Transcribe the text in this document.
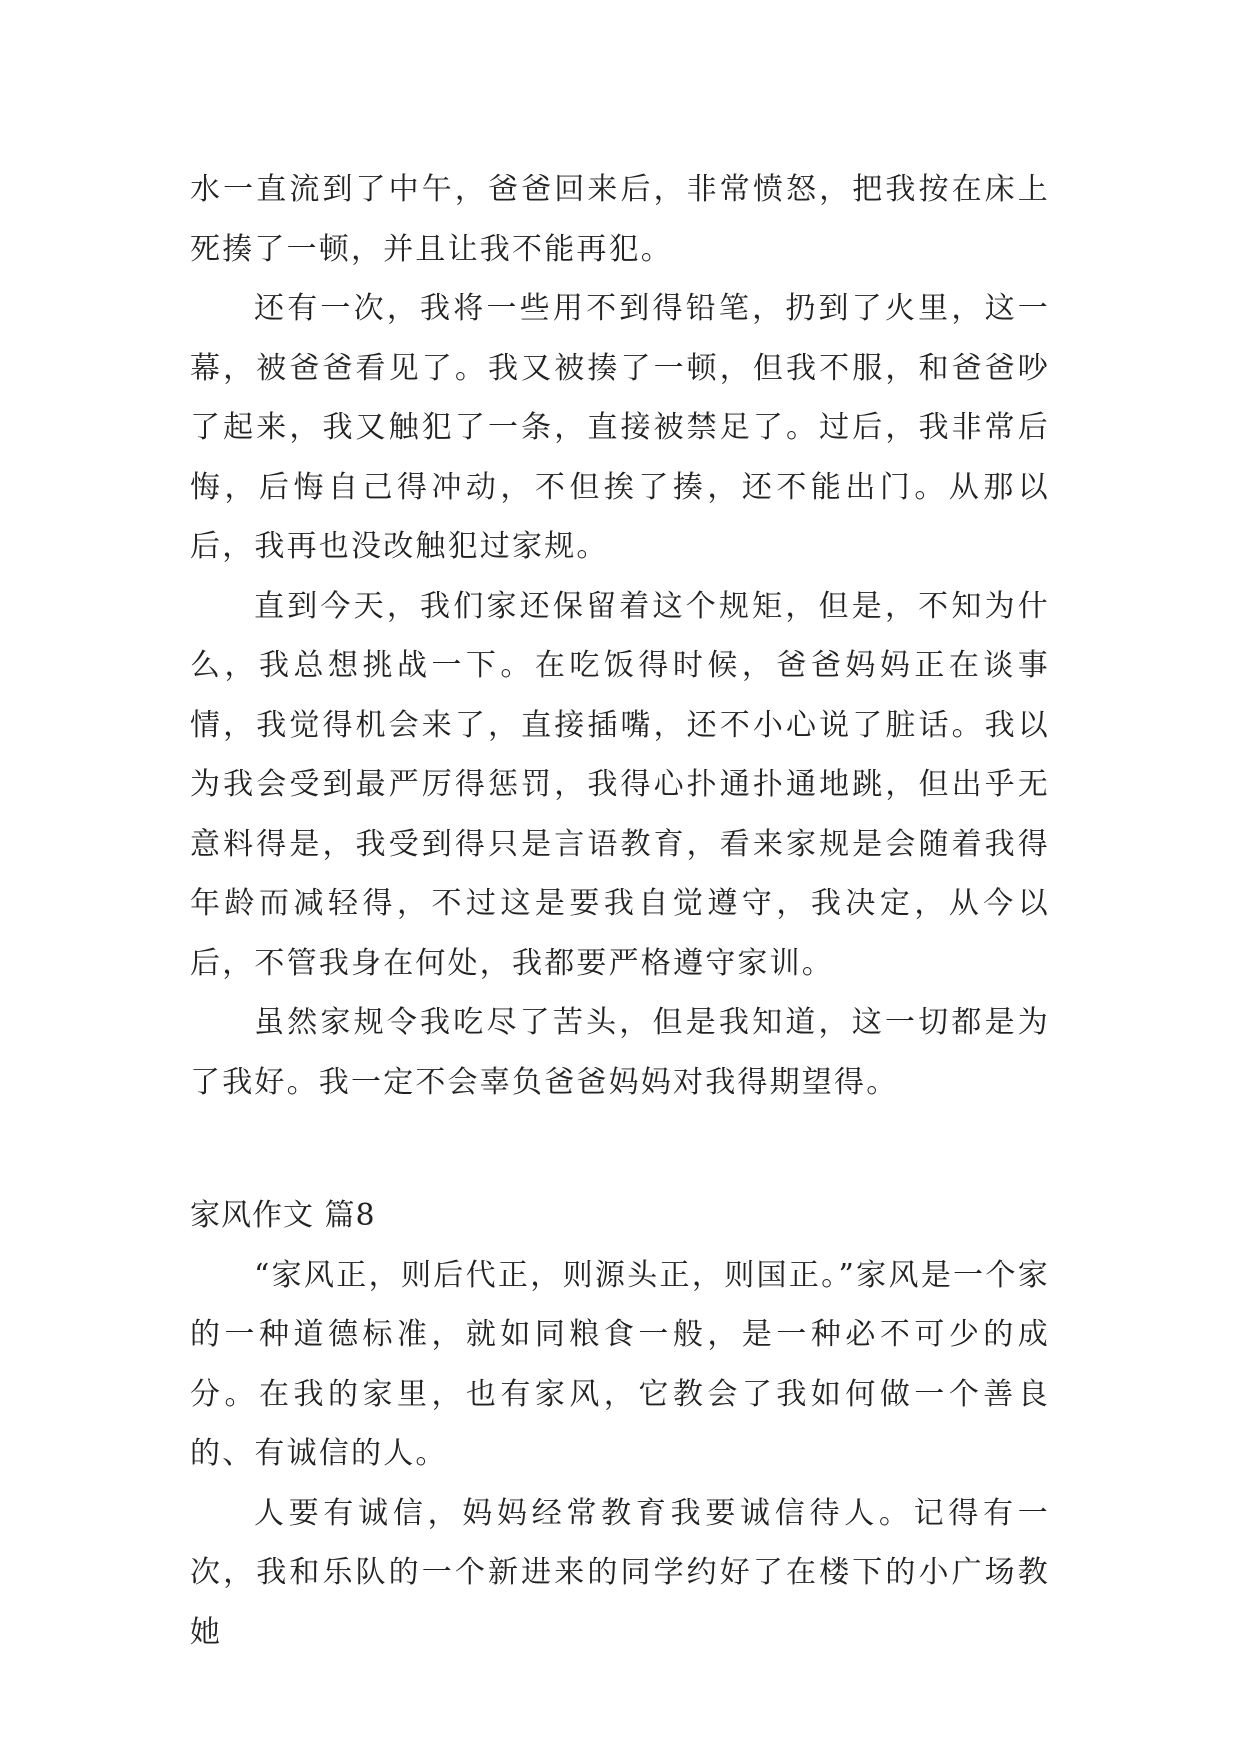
水一直流到了中午，爸爸回来后，非常愤怒，把我按在床上死揍了一顿，并且让我不能再犯。

还有一次，我将一些用不到得铅笔，扔到了火里，这一幕，被爸爸看见了。我又被揍了一顿，但我不服，和爸爸吵了起来，我又触犯了一条，直接被禁足了。过后，我非常后悔，后悔自己得冲动，不但挨了揍，还不能出门。从那以后，我再也没改触犯过家规。

直到今天，我们家还保留着这个规矩，但是，不知为什么，我总想挑战一下。在吃饭得时候，爸爸妈妈正在谈事情，我觉得机会来了，直接插嘴，还不小心说了脏话。我以为我会受到最严厉得惩罚，我得心扑通扑通地跳，但出乎无意料得是，我受到得只是言语教育，看来家规是会随着我得年龄而减轻得，不过这是要我自觉遵守，我决定，从今以后，不管我身在何处，我都要严格遵守家训。

虽然家规令我吃尽了苦头，但是我知道，这一切都是为了我好。我一定不会辜负爸爸妈妈对我得期望得。

家风作文 篇8

“家风正，则后代正，则源头正，则国正。”家风是一个家的一种道德标准，就如同粮食一般，是一种必不可少的成分。在我的家里，也有家风，它教会了我如何做一个善良的、有诚信的人。

人要有诚信，妈妈经常教育我要诚信待人。记得有一次，我和乐队的一个新进来的同学约好了在楼下的小广场教她
